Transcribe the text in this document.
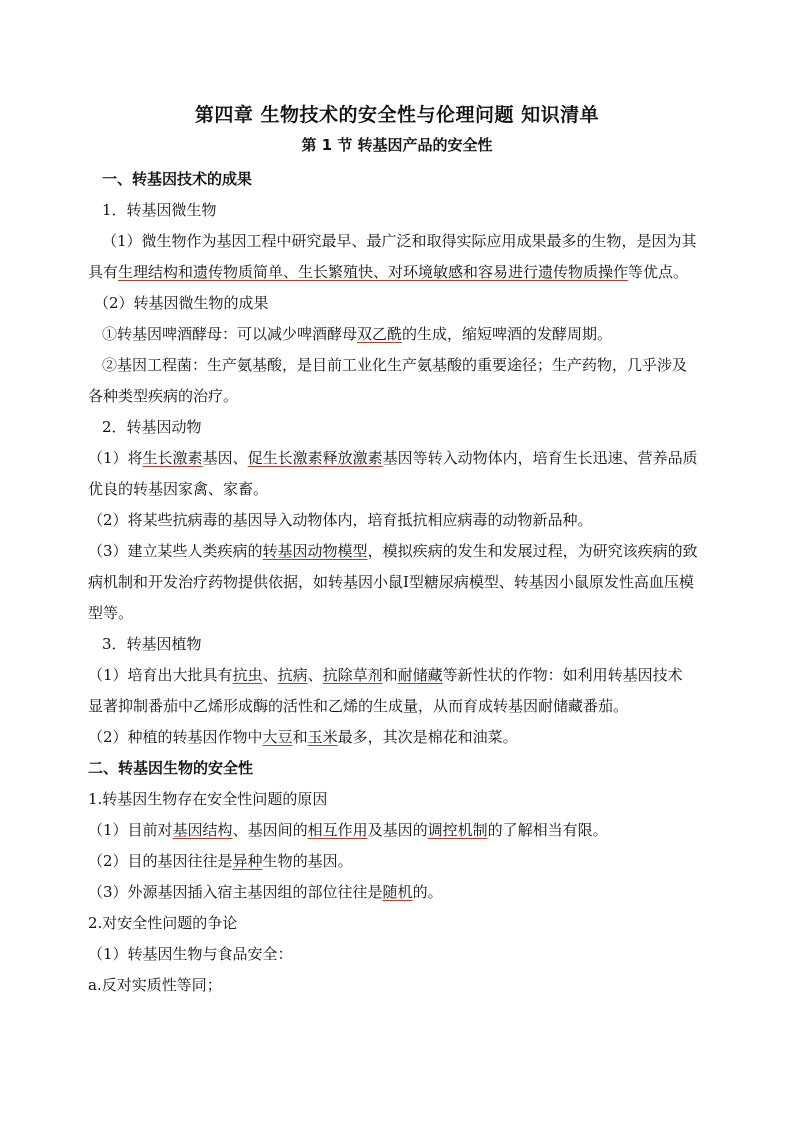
第四章 生物技术的安全性与伦理问题 知识清单

第 1 节 转基因产品的安全性

一、转基因技术的成果

1．转基因微生物

（1）微生物作为基因工程中研究最早、最广泛和取得实际应用成果最多的生物，是因为其

具有生理结构和遗传物质简单、生长繁殖快、对环境敏感和容易进行遗传物质操作等优点。

（2）转基因微生物的成果

①转基因啤酒酵母：可以减少啤酒酵母双乙酰的生成，缩短啤酒的发酵周期。

②基因工程菌：生产氨基酸，是目前工业化生产氨基酸的重要途径；生产药物，几乎涉及

各种类型疾病的治疗。

2．转基因动物

（1）将生长激素基因、促生长激素释放激素基因等转入动物体内，培育生长迅速、营养品质

优良的转基因家禽、家畜。

（2）将某些抗病毒的基因导入动物体内，培育抵抗相应病毒的动物新品种。

（3）建立某些人类疾病的转基因动物模型，模拟疾病的发生和发展过程，为研究该疾病的致

病机制和开发治疗药物提供依据，如转基因小鼠Ⅰ型糖尿病模型、转基因小鼠原发性高血压模

型等。

3．转基因植物

（1）培育出大批具有抗虫、抗病、抗除草剂和耐储藏等新性状的作物：如利用转基因技术

显著抑制番茄中乙烯形成酶的活性和乙烯的生成量，从而育成转基因耐储藏番茄。

（2）种植的转基因作物中大豆和玉米最多，其次是棉花和油菜。

二、转基因生物的安全性

1.转基因生物存在安全性问题的原因

（1）目前对基因结构、基因间的相互作用及基因的调控机制的了解相当有限。

（2）目的基因往往是异种生物的基因。

（3）外源基因插入宿主基因组的部位往往是随机的。

2.对安全性问题的争论

（1）转基因生物与食品安全：

a.反对实质性等同；
